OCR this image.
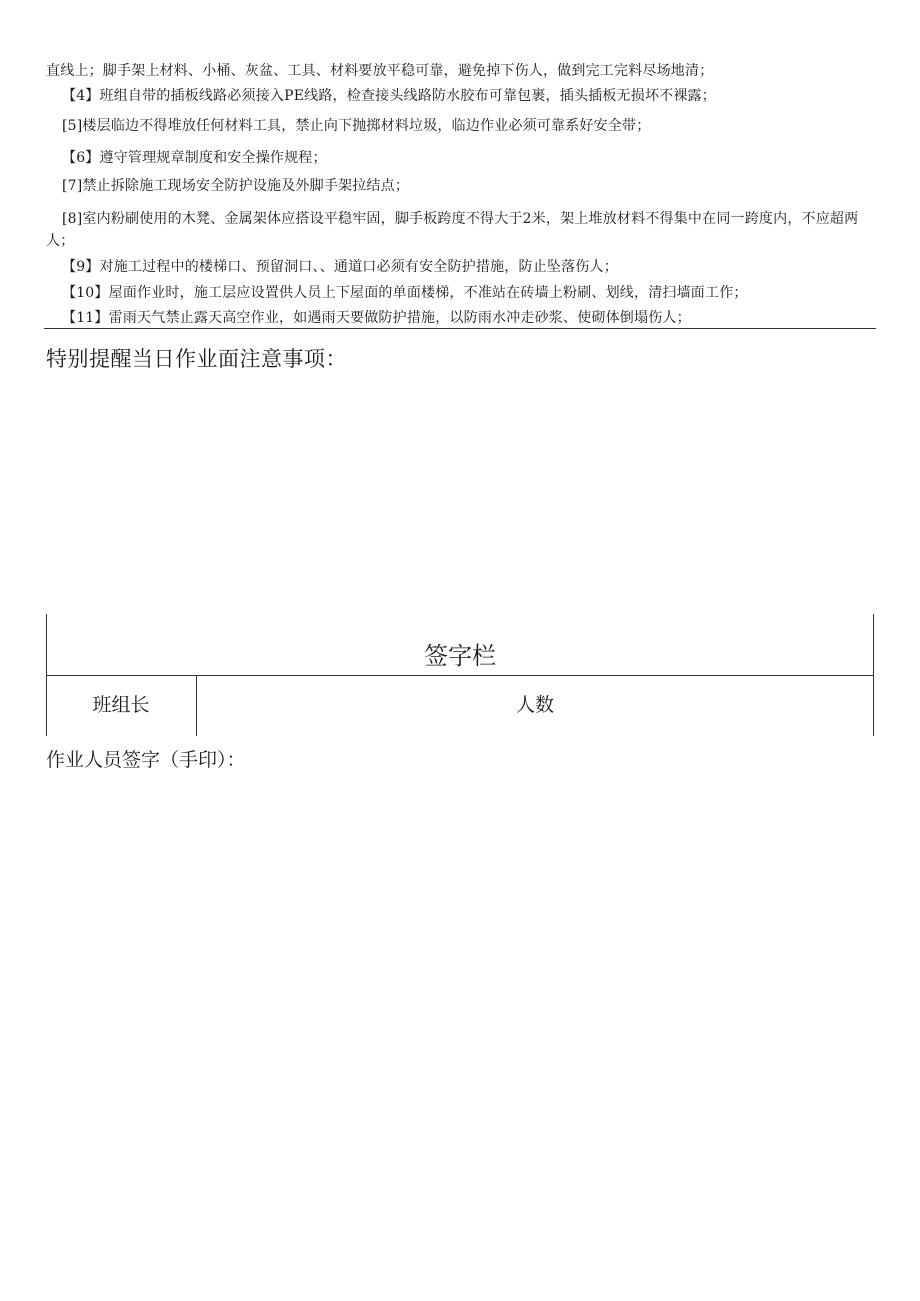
直线上；脚手架上材料、小桶、灰盆、工具、材料要放平稳可靠，避免掉下伤人，做到完工完料尽场地清；
【4】班组自带的插板线路必须接入PE线路，检查接头线路防水胶布可靠包裹，插头插板无损坏不裸露；
[5]楼层临边不得堆放任何材料工具，禁止向下抛掷材料垃圾，临边作业必须可靠系好安全带；
【6】遵守管理规章制度和安全操作规程；
[7]禁止拆除施工现场安全防护设施及外脚手架拉结点；
[8]室内粉刷使用的木凳、金属架体应搭设平稳牢固，脚手板跨度不得大于2米，架上堆放材料不得集中在同一跨度内，不应超两人；
【9】对施工过程中的楼梯口、预留洞口、、通道口必须有安全防护措施，防止坠落伤人；
【10】屋面作业时，施工层应设置供人员上下屋面的单面楼梯，不准站在砖墙上粉刷、划线，清扫墙面工作；
【11】雷雨天气禁止露天高空作业，如遇雨天要做防护措施，以防雨水冲走砂浆、使砌体倒塌伤人；
特别提醒当日作业面注意事项：
签字栏
班组长	人数
作业人员签字（手印）：
